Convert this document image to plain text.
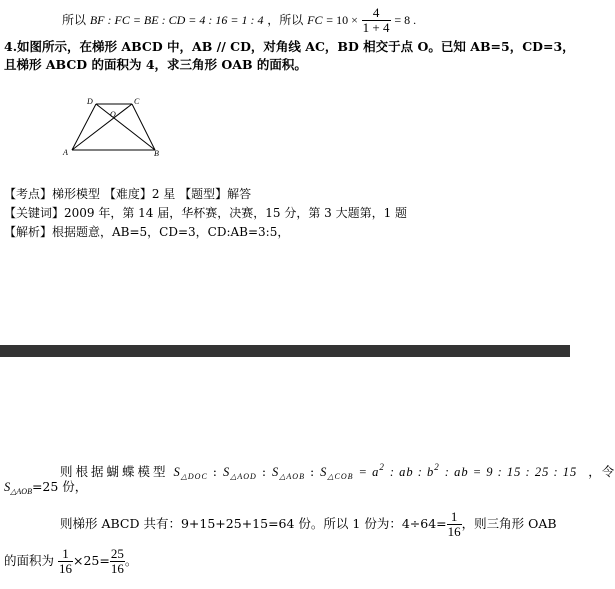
所以 BF : FC = BE : CD = 4 : 16 = 1 : 4 ，所以 FC = $10 \times \frac{4}{1 + 4} = 8$ .
4.如图所示，在梯形 ABCD 中，AB // CD，对角线 AC，BD 相交于点 O。已知 AB=5，CD=3，
且梯形 ABCD 的面积为 4，求三角形 OAB 的面积。
D	C
O
A	B
【考点】梯形模型 【难度】2 星 【题型】解答
【关键词】2009 年，第 14 届，华杯赛，决赛，15 分，第 3 大题第，1 题
【解析】根据题意，AB=5，CD=3，CD:AB=3:5，
则根据蝴蝶模型 $S_{\triangle DOC}$ : $S_{\triangle AOD}$ : $S_{\triangle AOB}$ : $S_{\triangle COB} = a^2$ : ab : $b^2$ : ab = 9 : 15 : 25 : 15 ，令
$S_{\triangle AOB}=25$ 份，
则梯形 ABCD 共有：9+15+25+15=64 份。所以 1 份为：$4\div 64= \frac{1}{16}$ ，则三角形 OAB
的面积为 $\frac{1}{16} \times 25= \frac{25}{16}$ 。
